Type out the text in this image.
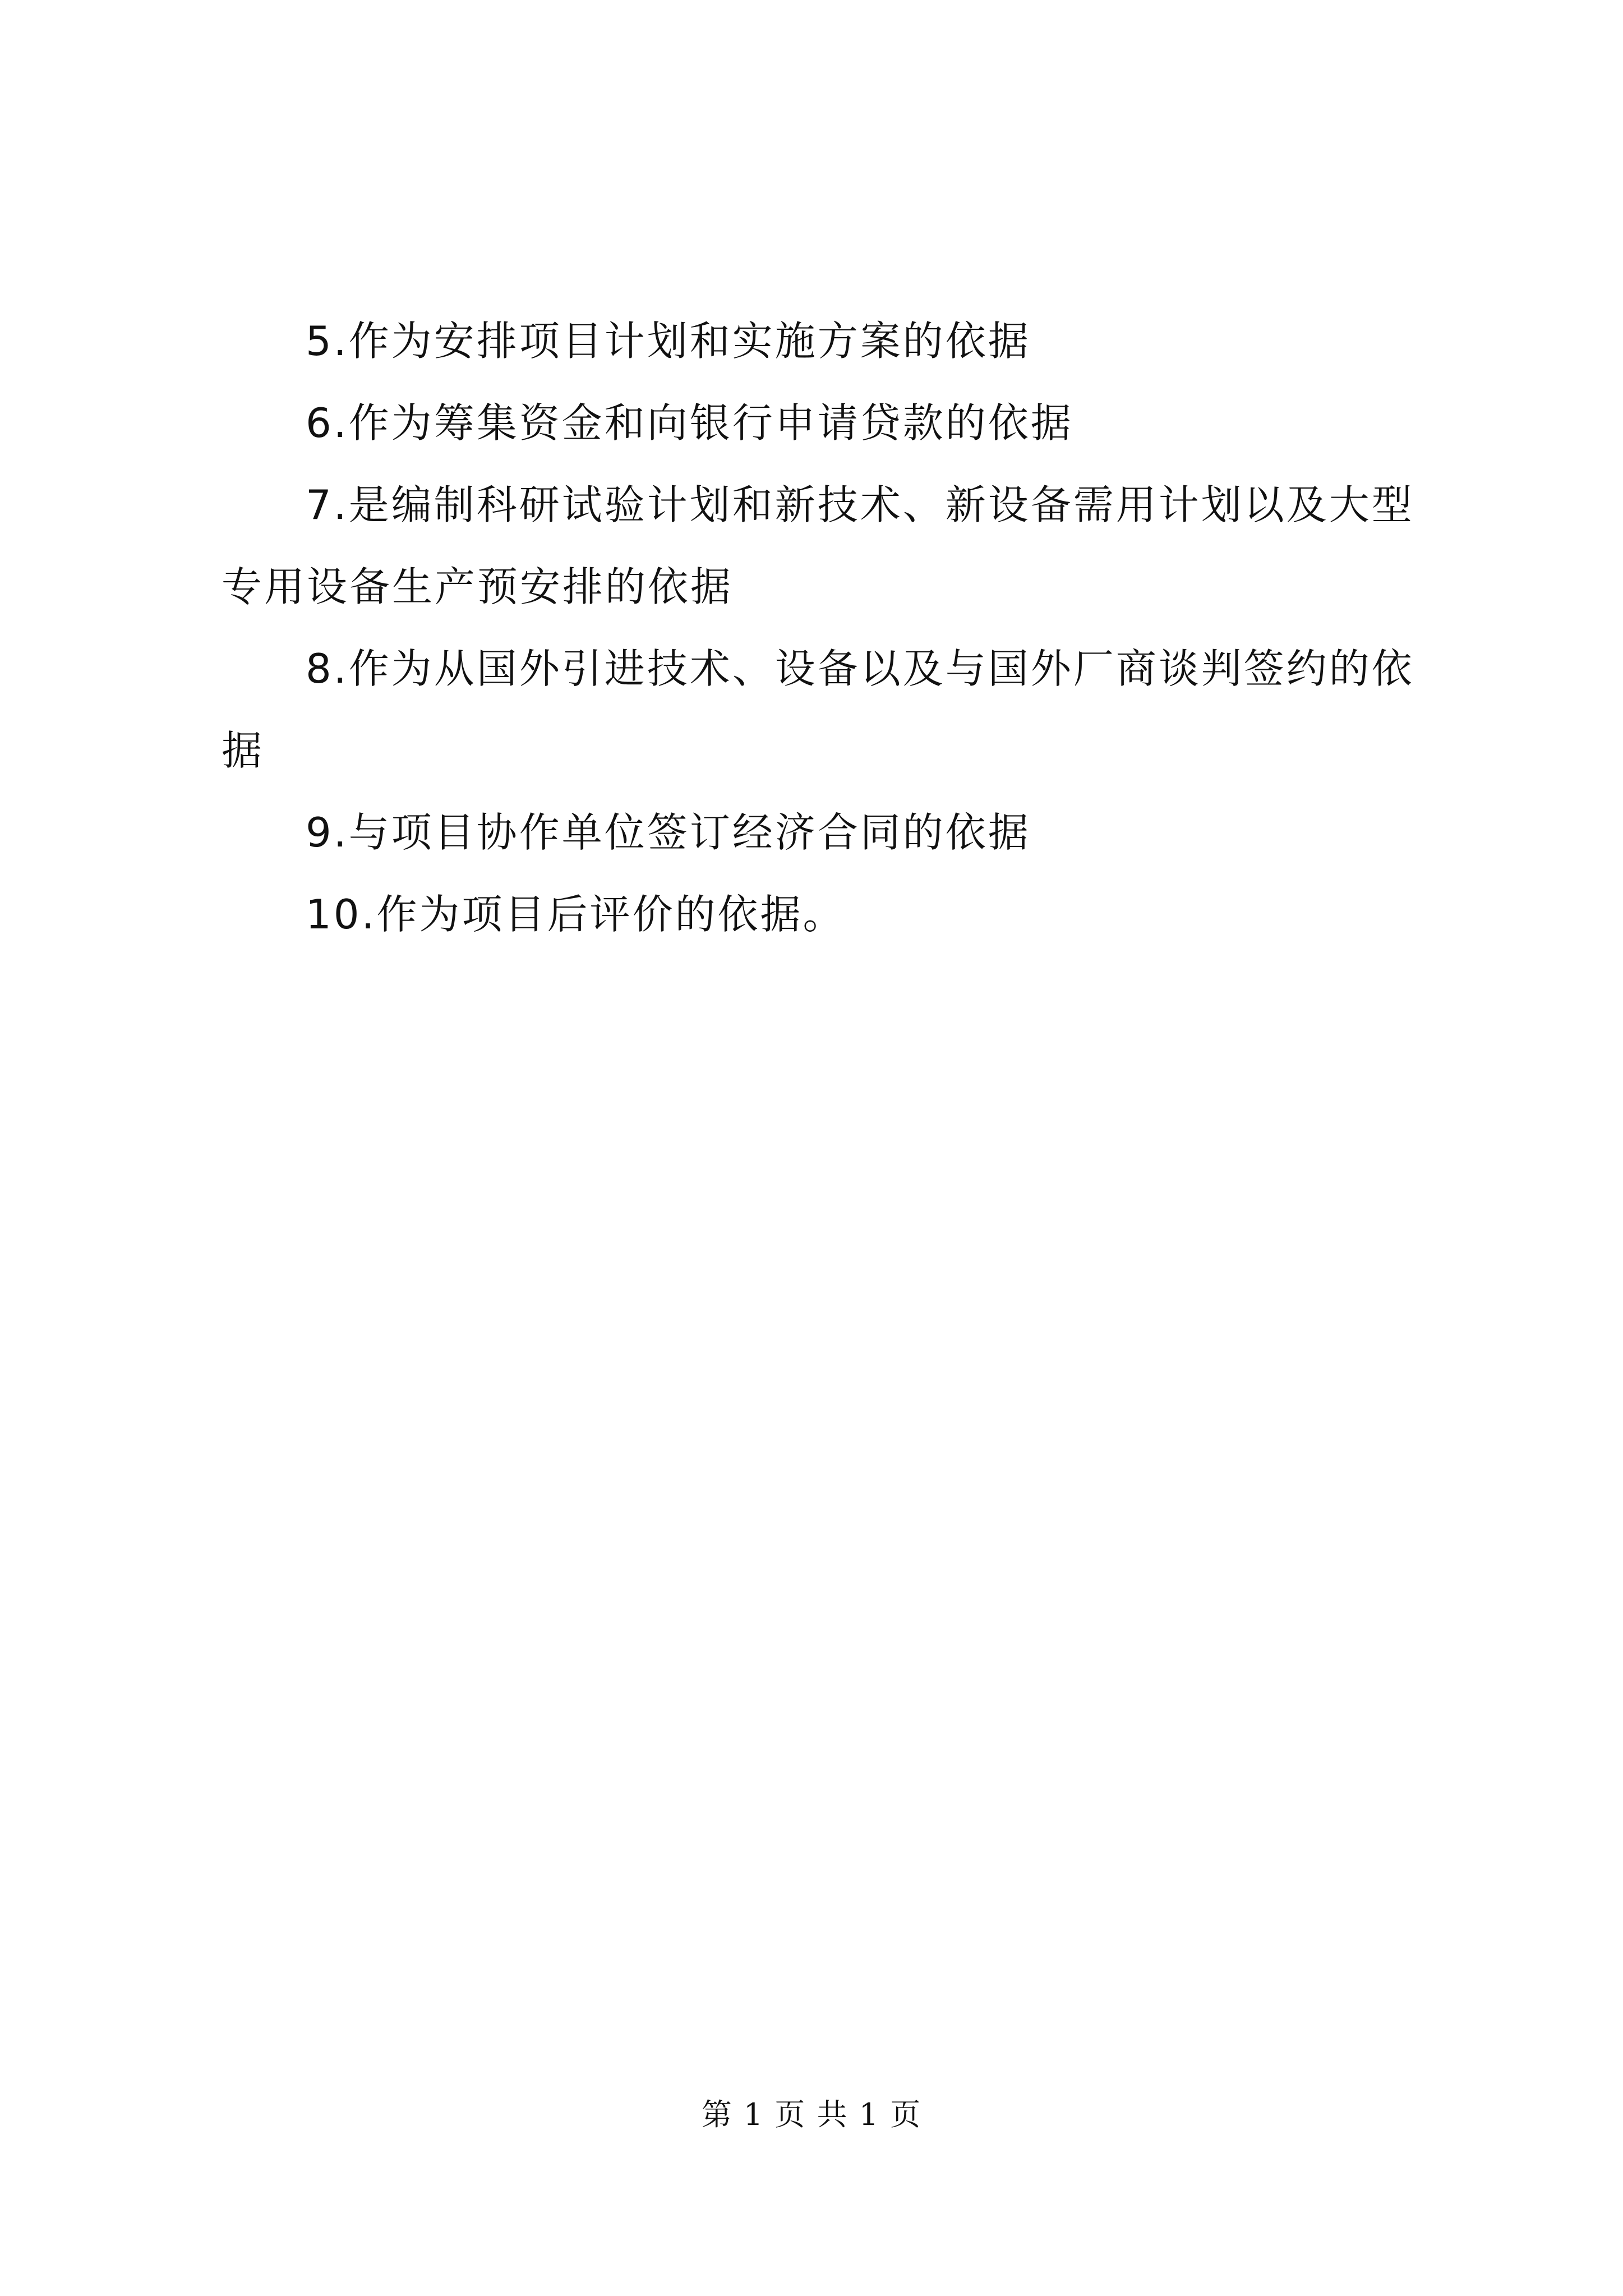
5.作为安排项目计划和实施方案的依据

6.作为筹集资金和向银行申请贷款的依据

7.是编制科研试验计划和新技术、新设备需用计划以及大型专用设备生产预安排的依据

8.作为从国外引进技术、设备以及与国外厂商谈判签约的依据

9.与项目协作单位签订经济合同的依据

10.作为项目后评价的依据。

第 1 页 共 1 页
